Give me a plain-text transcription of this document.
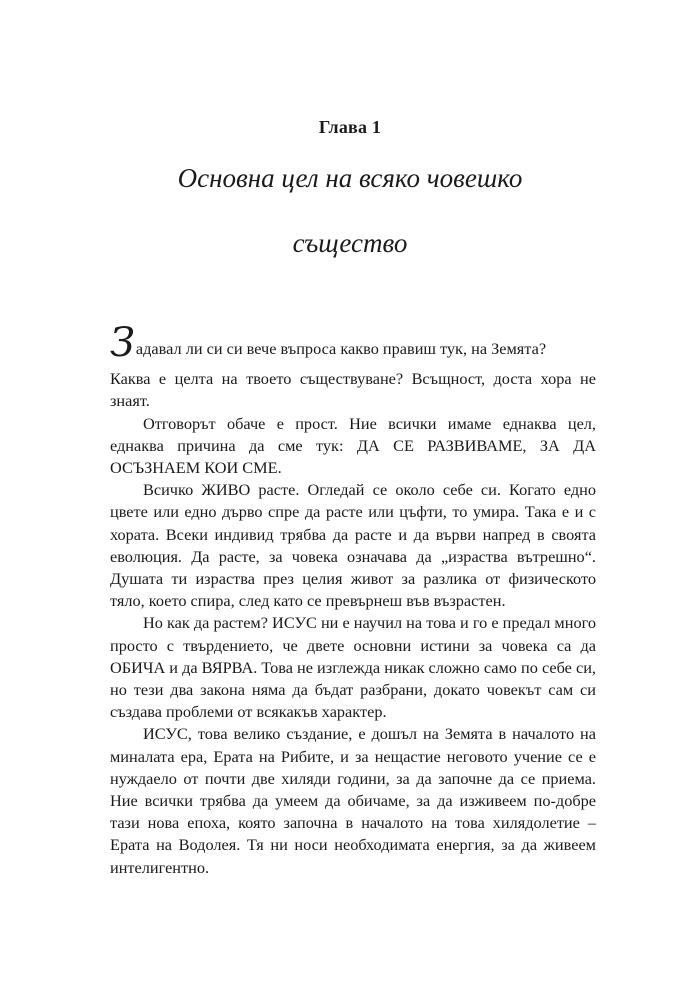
Глава 1
Основна цел на всяко човешко
същество

Задавал ли си си вече въпроса какво правиш тук, на Земята?

Каква е целта на твоето съществуване? Всъщност, доста хора не знаят.

Отговорът обаче е прост. Ние всички имаме еднаква цел, еднаква причина да сме тук: ДА СЕ РАЗВИВАМЕ, ЗА ДА ОСЪЗНАЕМ КОИ СМЕ.

Всичко ЖИВО расте. Огледай се около себе си. Когато едно цвете или едно дърво спре да расте или цъфти, то умира. Така е и с хората. Всеки индивид трябва да расте и да върви напред в своята еволюция. Да расте, за човека означава да „израства вътрешно“. Душата ти израства през целия живот за разлика от физическото тяло, което спира, след като се превърнеш във възрастен.

Но как да растем? ИСУС ни е научил на това и го е предал много просто с твърдението, че двете основни истини за човека са да ОБИЧА и да ВЯРВА. Това не изглежда никак сложно само по себе си, но тези два закона няма да бъдат разбрани, докато човекът сам си създава проблеми от всякакъв характер.

ИСУС, това велико създание, е дошъл на Земята в началото на миналата ера, Ерата на Рибите, и за нещастие неговото учение се е нуждаело от почти две хиляди години, за да започне да се приема. Ние всички трябва да умеем да обичаме, за да изживеем по-добре тази нова епоха, която започна в началото на това хилядолетие – Ерата на Водолея. Тя ни носи необходимата енергия, за да живеем интелигентно.
